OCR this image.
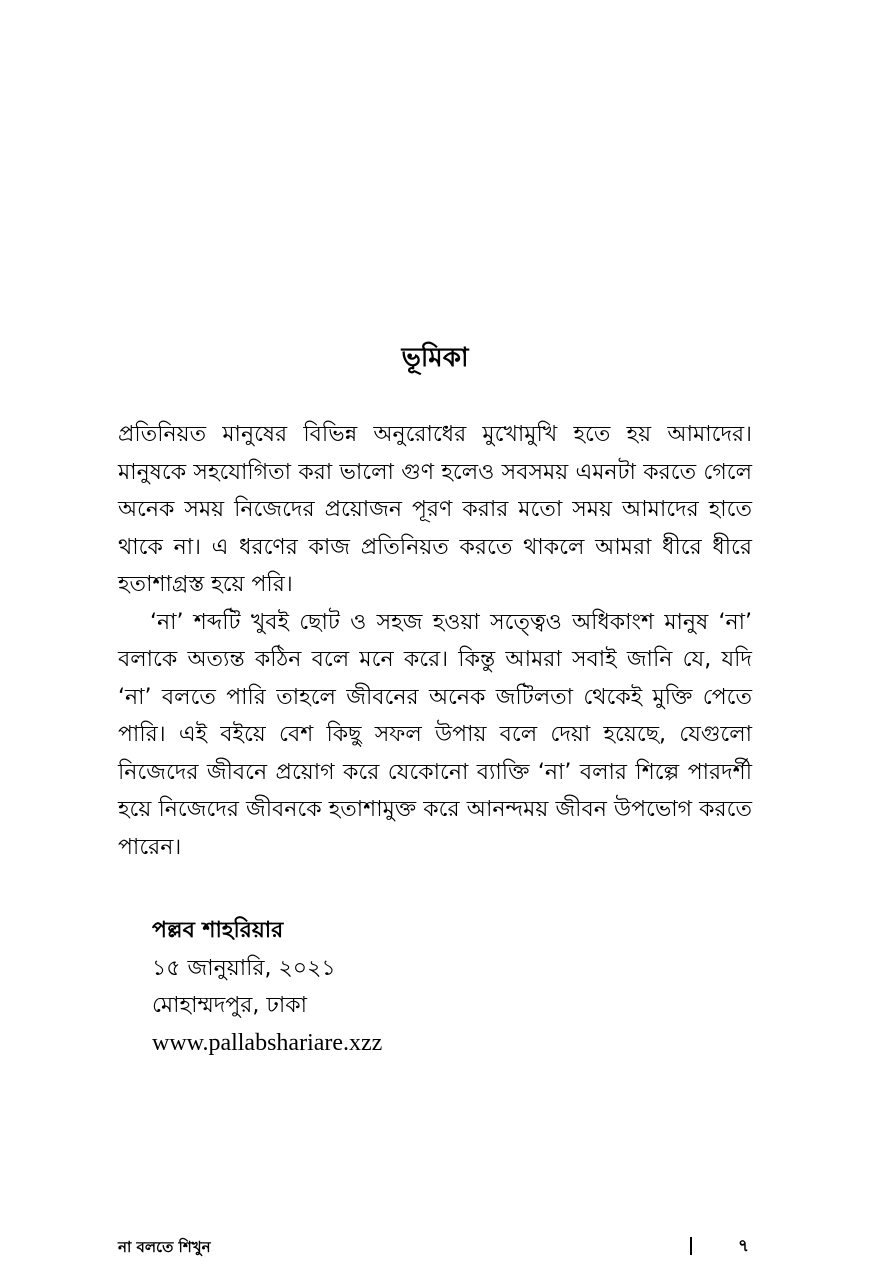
ভূমিকা

প্রতিনিয়ত মানুষের বিভিন্ন অনুরোধের মুখোমুখি হতে হয় আমাদের। মানুষকে সহযোগিতা করা ভালো গুণ হলেও সবসময় এমনটা করতে গেলে অনেক সময় নিজেদের প্রয়োজন পূরণ করার মতো সময় আমাদের হাতে থাকে না। এ ধরণের কাজ প্রতিনিয়ত করতে থাকলে আমরা ধীরে ধীরে হতাশাগ্রস্ত হয়ে পরি।

‘না’ শব্দটি খুবই ছোট ও সহজ হওয়া সত্ত্বেও অধিকাংশ মানুষ ‘না’ বলাকে অত্যন্ত কঠিন বলে মনে করে। কিন্তু আমরা সবাই জানি যে, যদি ‘না’ বলতে পারি তাহলে জীবনের অনেক জটিলতা থেকেই মুক্তি পেতে পারি। এই বইয়ে বেশ কিছু সফল উপায় বলে দেয়া হয়েছে, যেগুলো নিজেদের জীবনে প্রয়োগ করে যেকোনো ব্যাক্তি ‘না’ বলার শিল্পে পারদর্শী হয়ে নিজেদের জীবনকে হতাশামুক্ত করে আনন্দময় জীবন উপভোগ করতে পারেন।

পল্লব শাহরিয়ার
১৫ জানুয়ারি, ২০২১
মোহাম্মদপুর, ঢাকা
www.pallabshariare.xzz
না বলতে শিখুন	৭
